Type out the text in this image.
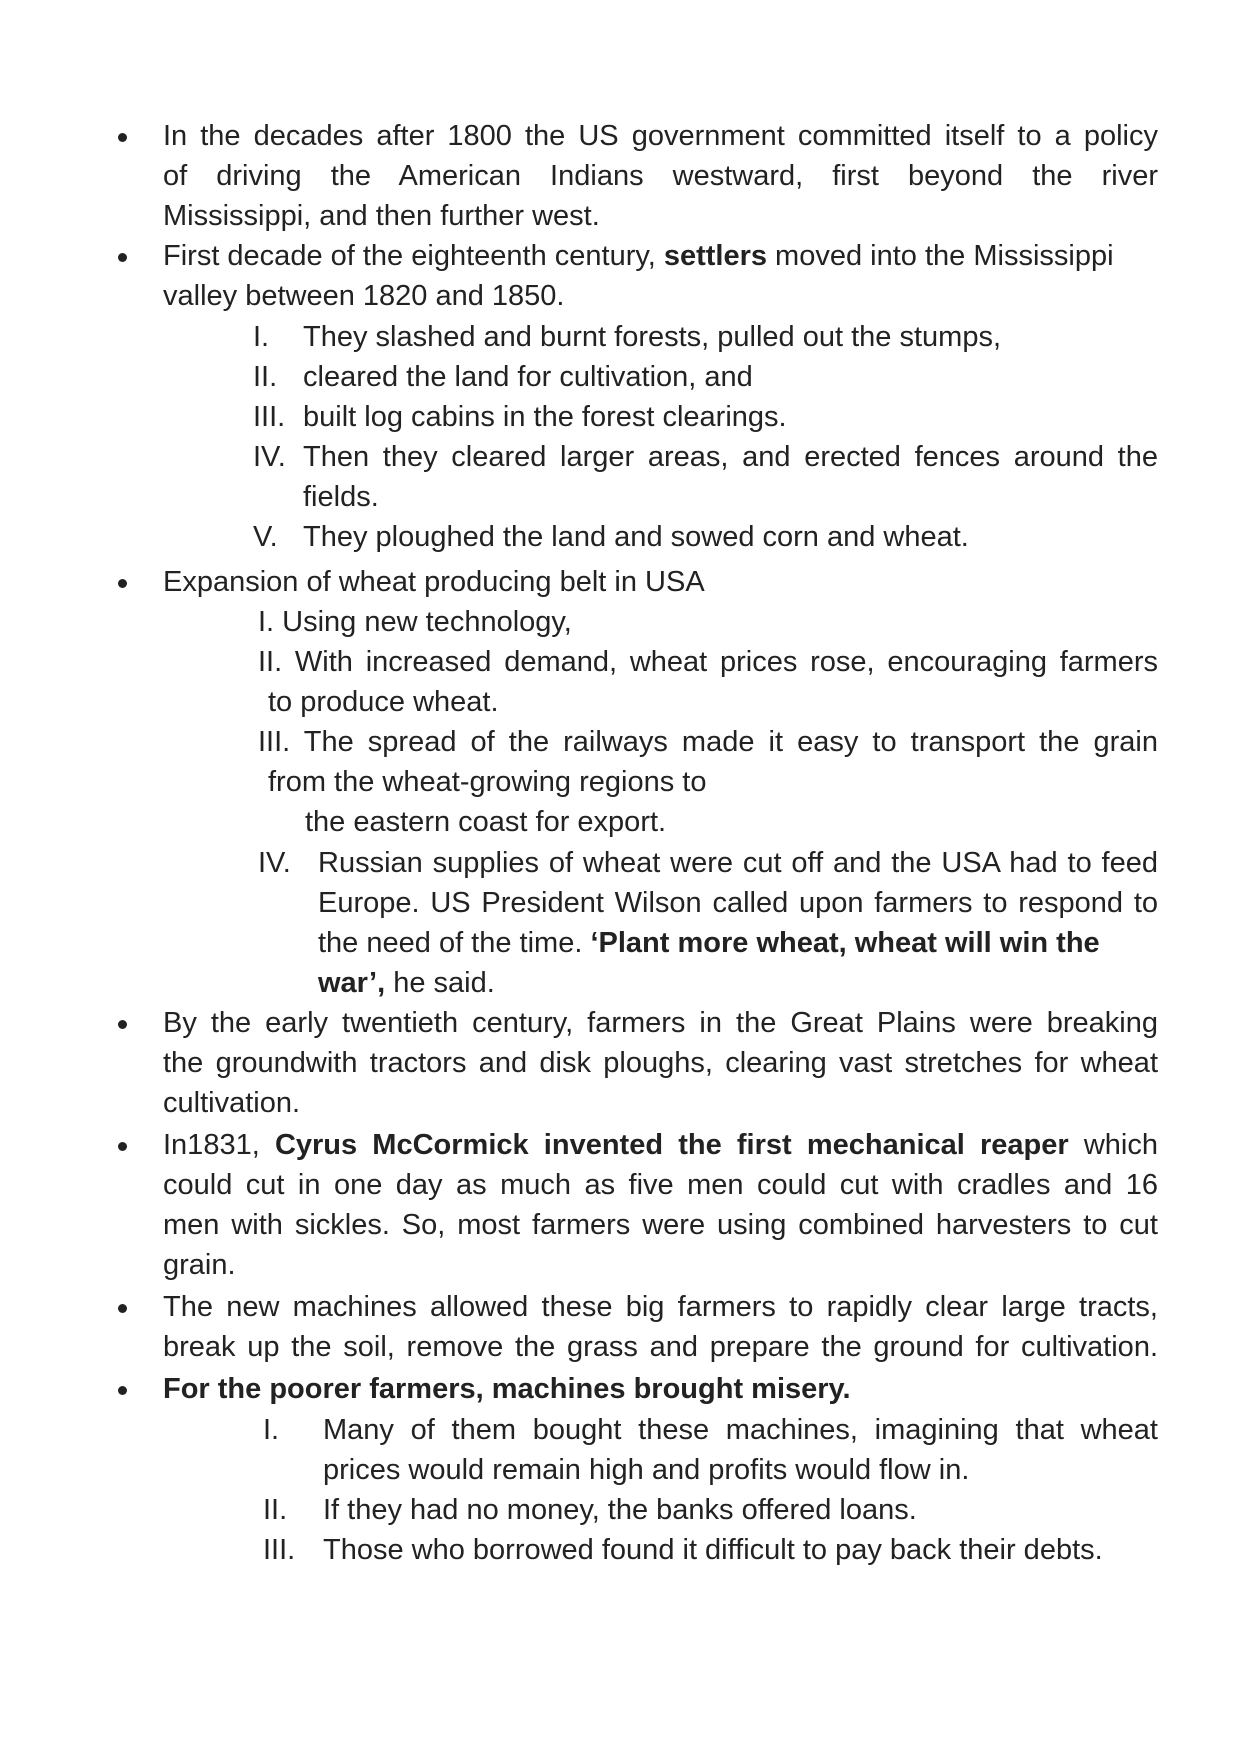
In the decades after 1800 the US government committed itself to a policy
of driving the American Indians westward, first beyond the river
Mississippi, and then further west.
First decade of the eighteenth century, settlers moved into the Mississippi
valley between 1820 and 1850.
I. They slashed and burnt forests, pulled out the stumps,
II. cleared the land for cultivation, and
III. built log cabins in the forest clearings.
IV. Then they cleared larger areas, and erected fences around the
fields.
V. They ploughed the land and sowed corn and wheat.
Expansion of wheat producing belt in USA
I. Using new technology,
II. With increased demand, wheat prices rose, encouraging farmers
to produce wheat.
III. The spread of the railways made it easy to transport the grain
from the wheat-growing regions to
the eastern coast for export.
IV. Russian supplies of wheat were cut off and the USA had to feed
Europe. US President Wilson called upon farmers to respond to
the need of the time. ‘Plant more wheat, wheat will win the
war’, he said.
By the early twentieth century, farmers in the Great Plains were breaking
the groundwith tractors and disk ploughs, clearing vast stretches for wheat
cultivation.
In1831, Cyrus McCormick invented the first mechanical reaper which
could cut in one day as much as five men could cut with cradles and 16
men with sickles. So, most farmers were using combined harvesters to cut
grain.
The new machines allowed these big farmers to rapidly clear large tracts,
break up the soil, remove the grass and prepare the ground for cultivation.
For the poorer farmers, machines brought misery.
I. Many of them bought these machines, imagining that wheat
prices would remain high and profits would flow in.
II. If they had no money, the banks offered loans.
III. Those who borrowed found it difficult to pay back their debts.
